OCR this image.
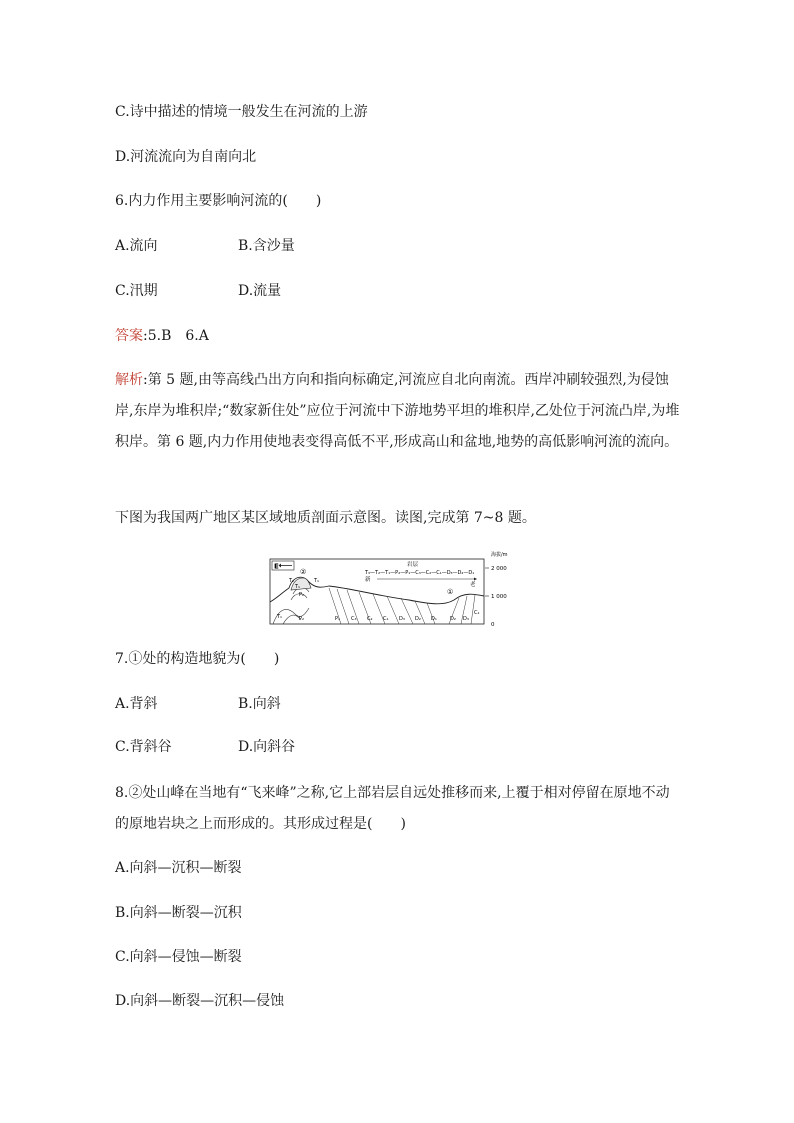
C.诗中描述的情境一般发生在河流的上游
D.河流流向为自南向北
6.内力作用主要影响河流的(　　)
A.流向	B.含沙量
C.汛期	D.流量
答案:5.B　6.A
解析:第 5 题,由等高线凸出方向和指向标确定,河流应自北向南流。西岸冲刷较强烈,为侵蚀岸,东岸为堆积岸;“数家新住处”应位于河流中下游地势平坦的堆积岸,乙处位于河流凸岸,为堆积岸。第 6 题,内力作用使地表变得高低不平,形成高山和盆地,地势的高低影响河流的流向。
下图为我国两广地区某区域地质剖面示意图。读图,完成第 7~8 题。
E	岩层
T₃—T₂—T₁—P₂—P₁—C₃—C₂—C₁—D₃—D₂—D₁
新
老
海拔/m
2 000
1 000
0
②
①
T₂	T₁
T₁
P₂
T₁	P₂	P₁ C₃ C₂ C₁ D₃ D₂ D₁	D₂ D₃
C₁
7.①处的构造地貌为(　　)
A.背斜	B.向斜
C.背斜谷	D.向斜谷
8.②处山峰在当地有“飞来峰”之称,它上部岩层自远处推移而来,上覆于相对停留在原地不动的原地岩块之上而形成的。其形成过程是(　　)
A.向斜—沉积—断裂
B.向斜—断裂—沉积
C.向斜—侵蚀—断裂
D.向斜—断裂—沉积—侵蚀
